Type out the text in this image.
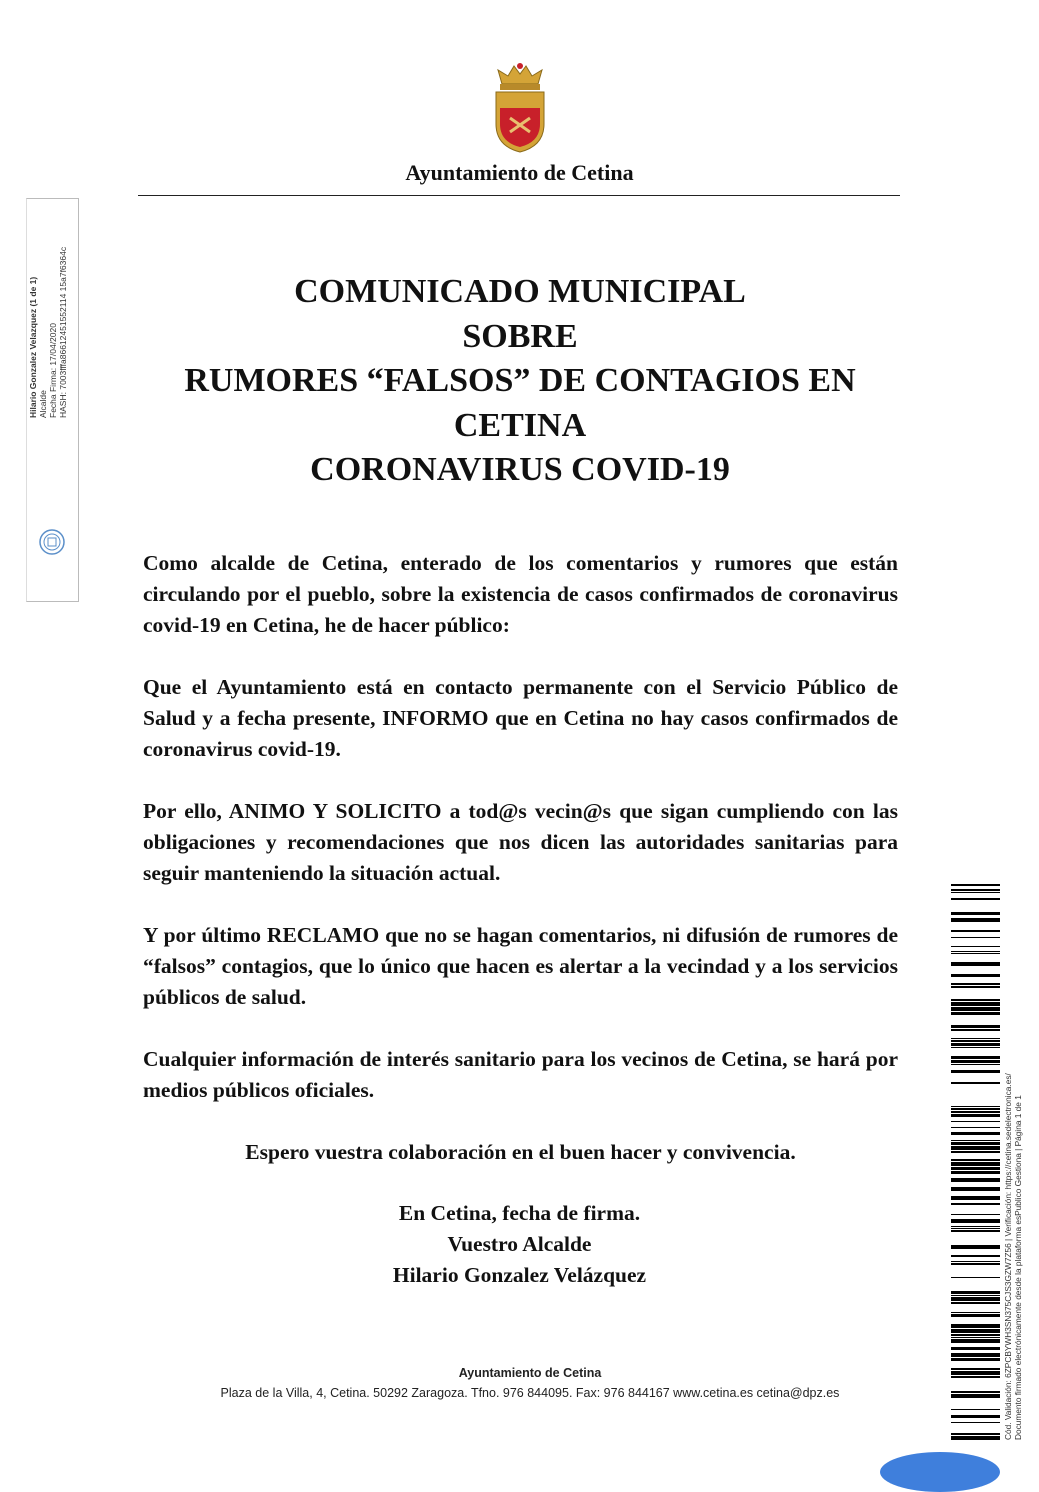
Ayuntamiento de Cetina
COMUNICADO MUNICIPAL
SOBRE
RUMORES “FALSOS” DE CONTAGIOS EN
CETINA
CORONAVIRUS COVID-19

Como alcalde de Cetina, enterado de los comentarios y rumores que están circulando por el pueblo, sobre la existencia de casos confirmados de coronavirus covid-19 en Cetina, he de hacer público:

Que el Ayuntamiento está en contacto permanente con el Servicio Público de Salud y a fecha presente, INFORMO que en Cetina no hay casos confirmados de coronavirus covid-19.

Por ello, ANIMO Y SOLICITO a tod@s vecin@s que sigan cumpliendo con las obligaciones y recomendaciones que nos dicen las autoridades sanitarias para seguir manteniendo la situación actual.

Y por último RECLAMO que no se hagan comentarios, ni difusión de rumores de “falsos” contagios, que lo único que hacen es alertar a la vecindad y a los servicios públicos de salud.

Cualquier información de interés sanitario para los vecinos de Cetina, se hará por medios públicos oficiales.

Espero vuestra colaboración en el buen hacer y convivencia.

En Cetina, fecha de firma.
Vuestro Alcalde
Hilario Gonzalez Velázquez
Ayuntamiento de Cetina
Plaza de la Villa, 4, Cetina. 50292 Zaragoza. Tfno. 976 844095. Fax: 976 844167 www.cetina.es cetina@dpz.es
Hilario Gonzalez Velazquez (1 de 1) Alcalde Fecha Firma: 17/04/2020 HASH: 7003fffa86612451552114 15a7f6364c
Cód. Validación: 6ZPCBYWH3SN375CJS3GZW7Z56 | Verificación: https://cetina.sedelectronica.es/ Documento firmado electrónicamente desde la plataforma esPublico Gestiona | Página 1 de 1
